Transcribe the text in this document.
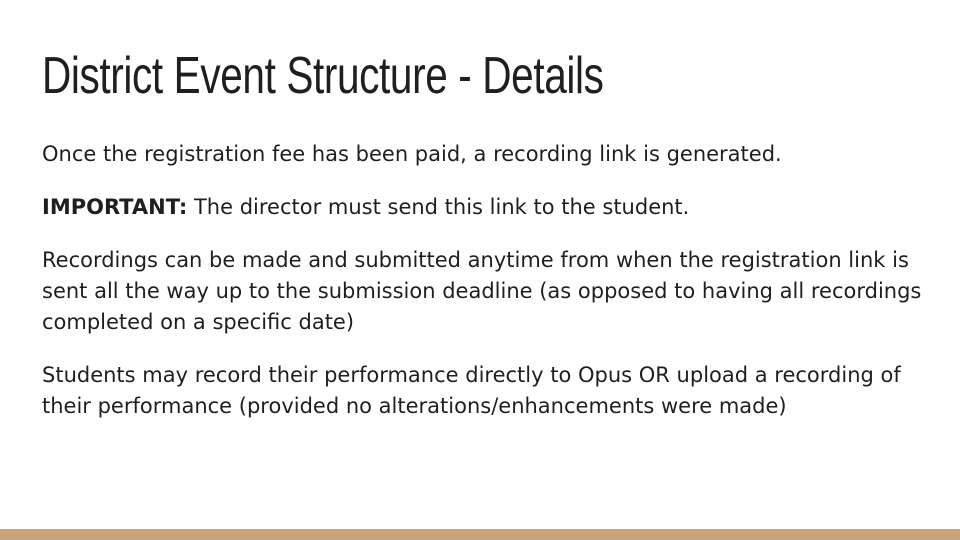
District Event Structure - Details

Once the registration fee has been paid, a recording link is generated.

IMPORTANT: The director must send this link to the student.

Recordings can be made and submitted anytime from when the registration link is sent all the way up to the submission deadline (as opposed to having all recordings completed on a specific date)

Students may record their performance directly to Opus OR upload a recording of their performance (provided no alterations/enhancements were made)
